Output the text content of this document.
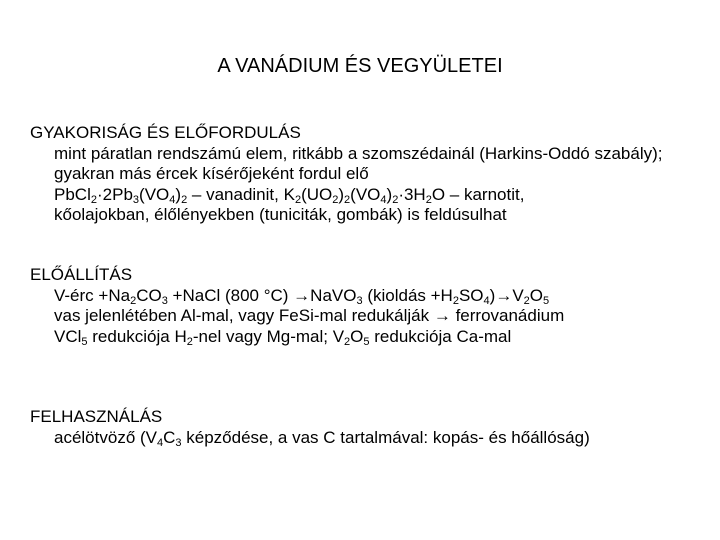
A VANÁDIUM ÉS VEGYÜLETEI
GYAKORISÁG ÉS ELŐFORDULÁS
mint páratlan rendszámú elem, ritkább a szomszédainál (Harkins-Oddó szabály); gyakran más ércek kísérőjeként fordul elő
$PbCl_2\cdot 2Pb_3(VO_4)_2$ – vanadinit, $K_2(UO_2)_2(VO_4)_2\cdot 3H_2O$ – karnotit,
kőolajokban, élőlényekben (tuniciták, gombák) is feldúsulhat
ELŐÁLLÍTÁS
V-érc $+Na_2CO_3$ +NaCl (800 °C) →NaVO$_3$ (kioldás $+H_2SO_4)\to V_2O_5$
vas jelenlétében Al-mal, vagy FeSi-mal redukálják → ferrovanádium
VCl$_5$ redukciója $H_2$-nel vagy Mg-mal; $V_2O_5$ redukciója Ca-mal
FELHASZNÁLÁS
acélötvöző ($V_4C_3$ képződése, a vas C tartalmával: kopás- és hőállóság)
